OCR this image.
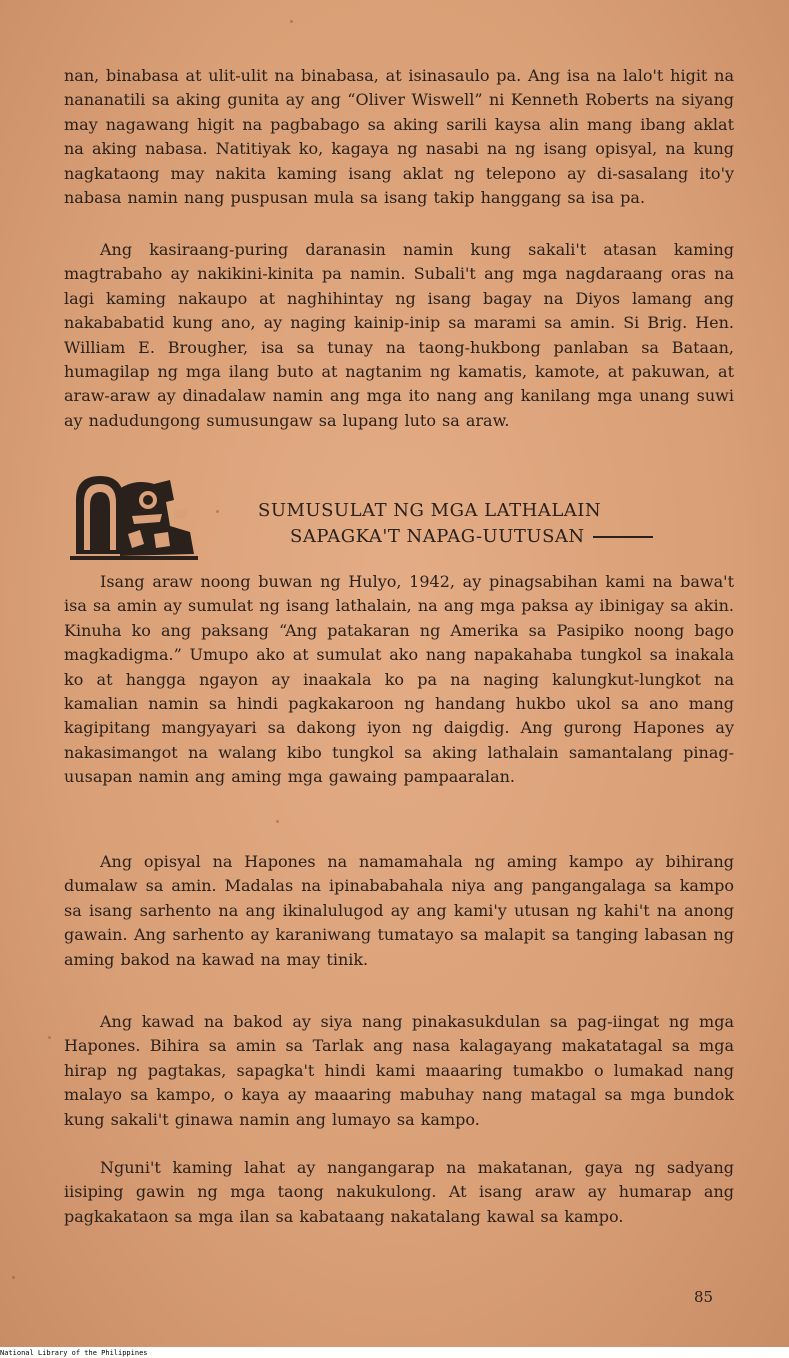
nan, binabasa at ulit-ulit na binabasa, at isinasaulo pa. Ang isa na lalo't higit na nananatili sa aking gunita ay ang “Oliver Wiswell” ni Kenneth Roberts na siyang may nagawang higit na pagbabago sa aking sarili kaysa alin mang ibang aklat na aking nabasa. Natitiyak ko, kagaya ng nasabi na ng isang opisyal, na kung nagkataong may nakita kaming isang aklat ng telepono ay di-sasalang ito'y nabasa namin nang puspusan mula sa isang takip hanggang sa isa pa.

Ang kasiraang-puring daranasin namin kung sakali't atasan kaming magtrabaho ay nakikini-kinita pa namin. Subali't ang mga nagdaraang oras na lagi kaming nakaupo at naghihintay ng isang bagay na Diyos lamang ang nakababatid kung ano, ay naging kainip-inip sa marami sa amin. Si Brig. Hen. William E. Brougher, isa sa tunay na taong-hukbong panlaban sa Bataan, humagilap ng mga ilang buto at nagtanim ng kamatis, kamote, at pakuwan, at araw-araw ay dinadalaw namin ang mga ito nang ang kanilang mga unang suwi ay nadudungong sumusungaw sa lupang luto sa araw.

SUMUSULAT NG MGA LATHALAIN
SAPAGKA'T NAPAG-UUTUSAN

Isang araw noong buwan ng Hulyo, 1942, ay pinagsabihan kami na bawa't isa sa amin ay sumulat ng isang lathalain, na ang mga paksa ay ibinigay sa akin. Kinuha ko ang paksang “Ang patakaran ng Amerika sa Pasipiko noong bago magkadigma.” Umupo ako at sumulat ako nang napakahaba tungkol sa inakala ko at hangga ngayon ay inaakala ko pa na naging kalungkut-lungkot na kamalian namin sa hindi pagkakaroon ng handang hukbo ukol sa ano mang kagipitang mangyayari sa dakong iyon ng daigdig. Ang gurong Hapones ay nakasimangot na walang kibo tungkol sa aking lathalain samantalang pinag-uusapan namin ang aming mga gawaing pampaaralan.

Ang opisyal na Hapones na namamahala ng aming kampo ay bihirang dumalaw sa amin. Madalas na ipinababahala niya ang pangangalaga sa kampo sa isang sarhento na ang ikinalulugod ay ang kami'y utusan ng kahi't na anong gawain. Ang sarhento ay karaniwang tumatayo sa malapit sa tanging labasan ng aming bakod na kawad na may tinik.

Ang kawad na bakod ay siya nang pinakasukdulan sa pag-iingat ng mga Hapones. Bihira sa amin sa Tarlak ang nasa kalagayang makatatagal sa mga hirap ng pagtakas, sapagka't hindi kami maaaring tumakbo o lumakad nang malayo sa kampo, o kaya ay maaaring mabuhay nang matagal sa mga bundok kung sakali't ginawa namin ang lumayo sa kampo.

Nguni't kaming lahat ay nangangarap na makatanan, gaya ng sadyang iisiping gawin ng mga taong nakukulong. At isang araw ay humarap ang pagkakataon sa mga ilan sa kabataang nakatalang kawal sa kampo.

85
National Library of the Philippines
